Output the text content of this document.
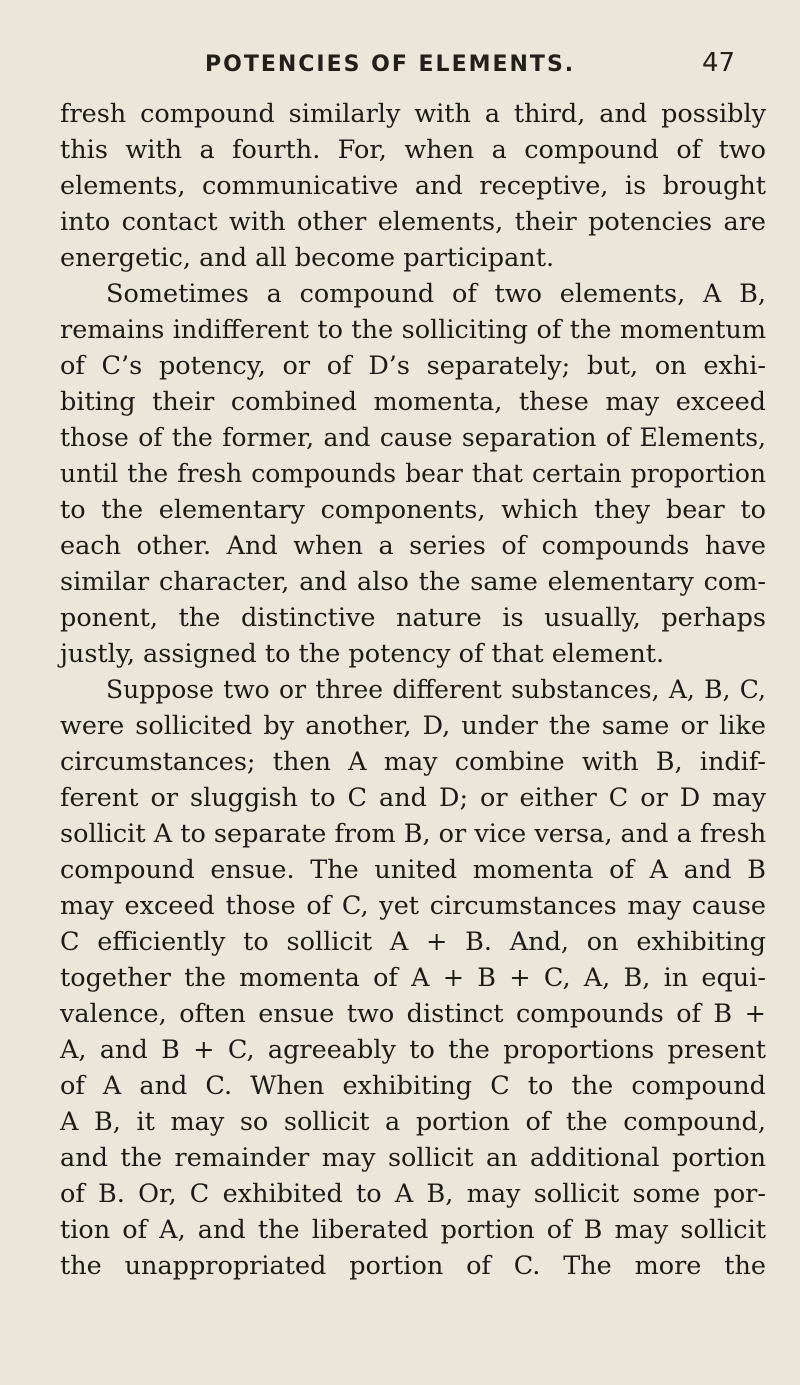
POTENCIES OF ELEMENTS.	47
fresh compound similarly with a third, and possibly
this with a fourth. For, when a compound of two
elements, communicative and receptive, is brought
into contact with other elements, their potencies are
energetic, and all become participant.
Sometimes a compound of two elements, A B,
remains indifferent to the solliciting of the momentum
of C’s potency, or of D’s separately; but, on exhi-
biting their combined momenta, these may exceed
those of the former, and cause separation of Elements,
until the fresh compounds bear that certain proportion
to the elementary components, which they bear to
each other. And when a series of compounds have
similar character, and also the same elementary com-
ponent, the distinctive nature is usually, perhaps
justly, assigned to the potency of that element.
Suppose two or three different substances, A, B, C,
were sollicited by another, D, under the same or like
circumstances; then A may combine with B, indif-
ferent or sluggish to C and D; or either C or D may
sollicit A to separate from B, or vice versa, and a fresh
compound ensue. The united momenta of A and B
may exceed those of C, yet circumstances may cause
C efficiently to sollicit A + B. And, on exhibiting
together the momenta of A + B + C, A, B, in equi-
valence, often ensue two distinct compounds of B +
A, and B + C, agreeably to the proportions present
of A and C. When exhibiting C to the compound
A B, it may so sollicit a portion of the compound,
and the remainder may sollicit an additional portion
of B. Or, C exhibited to A B, may sollicit some por-
tion of A, and the liberated portion of B may sollicit
the unappropriated portion of C. The more the
